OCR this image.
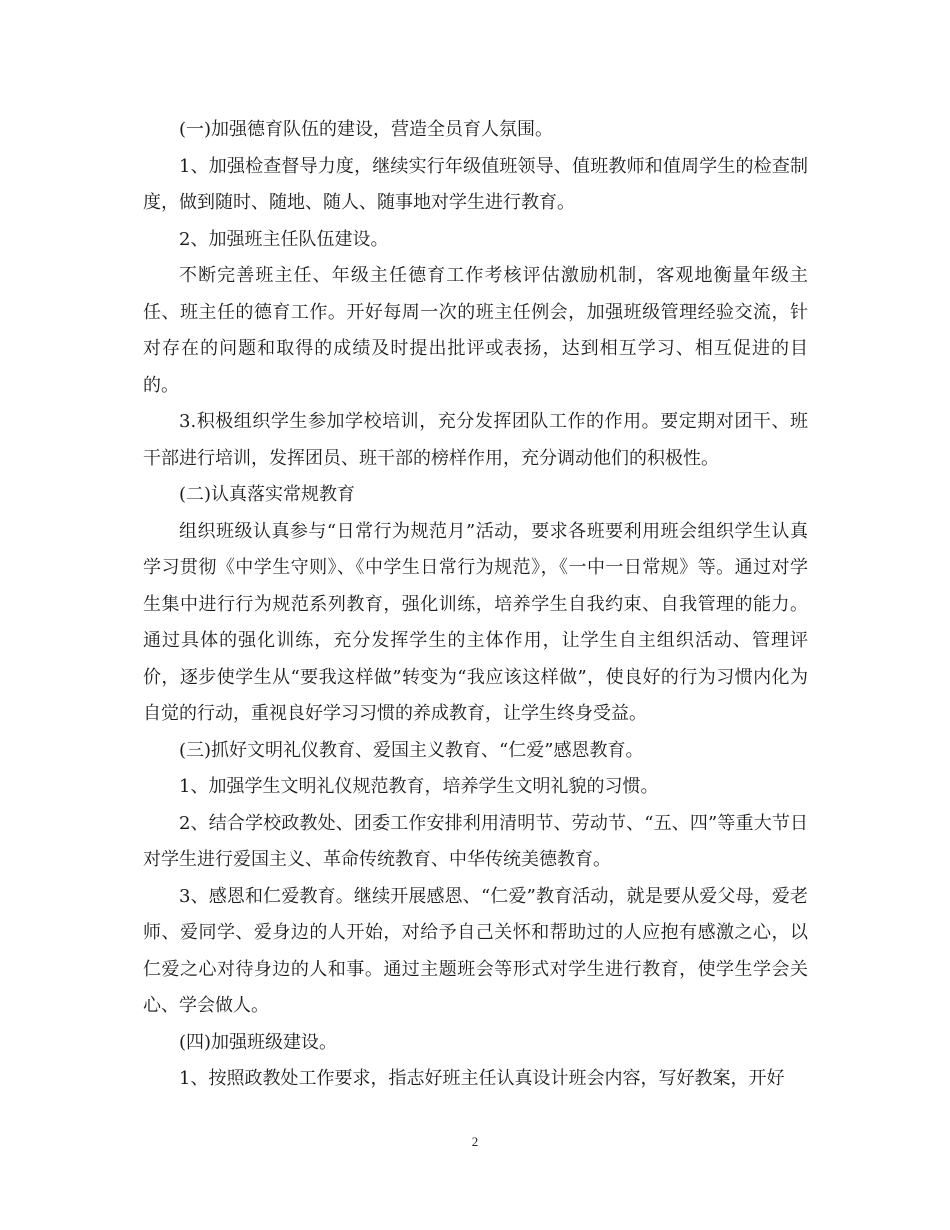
(一)加强德育队伍的建设，营造全员育人氛围。

1、加强检查督导力度，继续实行年级值班领导、值班教师和值周学生的检查制度，做到随时、随地、随人、随事地对学生进行教育。

2、加强班主任队伍建设。

不断完善班主任、年级主任德育工作考核评估激励机制，客观地衡量年级主任、班主任的德育工作。开好每周一次的班主任例会，加强班级管理经验交流，针对存在的问题和取得的成绩及时提出批评或表扬，达到相互学习、相互促进的目的。

3.积极组织学生参加学校培训，充分发挥团队工作的作用。要定期对团干、班干部进行培训，发挥团员、班干部的榜样作用，充分调动他们的积极性。

(二)认真落实常规教育

组织班级认真参与“日常行为规范月”活动，要求各班要利用班会组织学生认真学习贯彻《中学生守则》、《中学生日常行为规范》，《一中一日常规》等。通过对学生集中进行行为规范系列教育，强化训练，培养学生自我约束、自我管理的能力。通过具体的强化训练，充分发挥学生的主体作用，让学生自主组织活动、管理评价，逐步使学生从“要我这样做”转变为“我应该这样做”，使良好的行为习惯内化为自觉的行动，重视良好学习习惯的养成教育，让学生终身受益。

(三)抓好文明礼仪教育、爱国主义教育、“仁爱”感恩教育。

1、加强学生文明礼仪规范教育，培养学生文明礼貌的习惯。

2、结合学校政教处、团委工作安排利用清明节、劳动节、“五、四”等重大节日对学生进行爱国主义、革命传统教育、中华传统美德教育。

3、感恩和仁爱教育。继续开展感恩、“仁爱”教育活动，就是要从爱父母，爱老师、爱同学、爱身边的人开始，对给予自己关怀和帮助过的人应抱有感激之心，以仁爱之心对待身边的人和事。通过主题班会等形式对学生进行教育，使学生学会关心、学会做人。

(四)加强班级建设。

1、按照政教处工作要求，指志好班主任认真设计班会内容，写好教案，开好

2
